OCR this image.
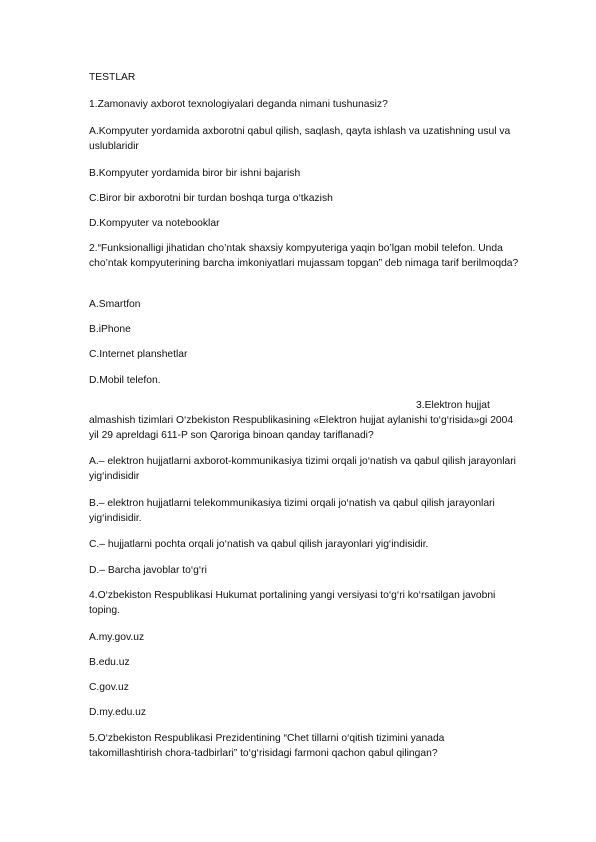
TESTLAR

1.Zamonaviy axborot texnologiyalari deganda nimani tushunasiz?

A.Kompyuter yordamida axborotni qabul qilish, saqlash, qayta ishlash va uzatishning usul va uslublaridir

B.Kompyuter yordamida biror bir ishni bajarish

C.Biror bir axborotni bir turdan boshqa turga o‘tkazish

D.Kompyuter va notebooklar

2.“Funksionalligi jihatidan cho’ntak shaxsiy kompyuteriga yaqin bo’lgan mobil telefon. Unda cho’ntak kompyuterining barcha imkoniyatlari mujassam topgan” deb nimaga tarif berilmoqda?

A.Smartfon

B.iPhone

C.Internet planshetlar

D.Mobil telefon.

3.Elektron hujjat

almashish tizimlari O‘zbekiston Respublikasining «Elektron hujjat aylanishi to‘g‘risida»gi 2004 yil 29 apreldagi 611-P son Qaroriga binoan qanday tariflanadi?

A.– elektron hujjatlarni axborot-kommunikasiya tizimi orqali jo‘natish va qabul qilish jarayonlari yig‘indisidir

B.– elektron hujjatlarni telekommunikasiya tizimi orqali jo‘natish va qabul qilish jarayonlari yig‘indisidir.

C.– hujjatlarni pochta orqali jo‘natish va qabul qilish jarayonlari yig‘indisidir.

D.– Barcha javoblar to‘g‘ri

4.O‘zbekiston Respublikasi Hukumat portalining yangi versiyasi to‘g‘ri ko‘rsatilgan javobni toping.

A.my.gov.uz

B.edu.uz

C.gov.uz

D.my.edu.uz

5.O‘zbekiston Respublikasi Prezidentining “Chet tillarni o‘qitish tizimini yanada takomillashtirish chora-tadbirlari” to‘g‘risidagi farmoni qachon qabul qilingan?
